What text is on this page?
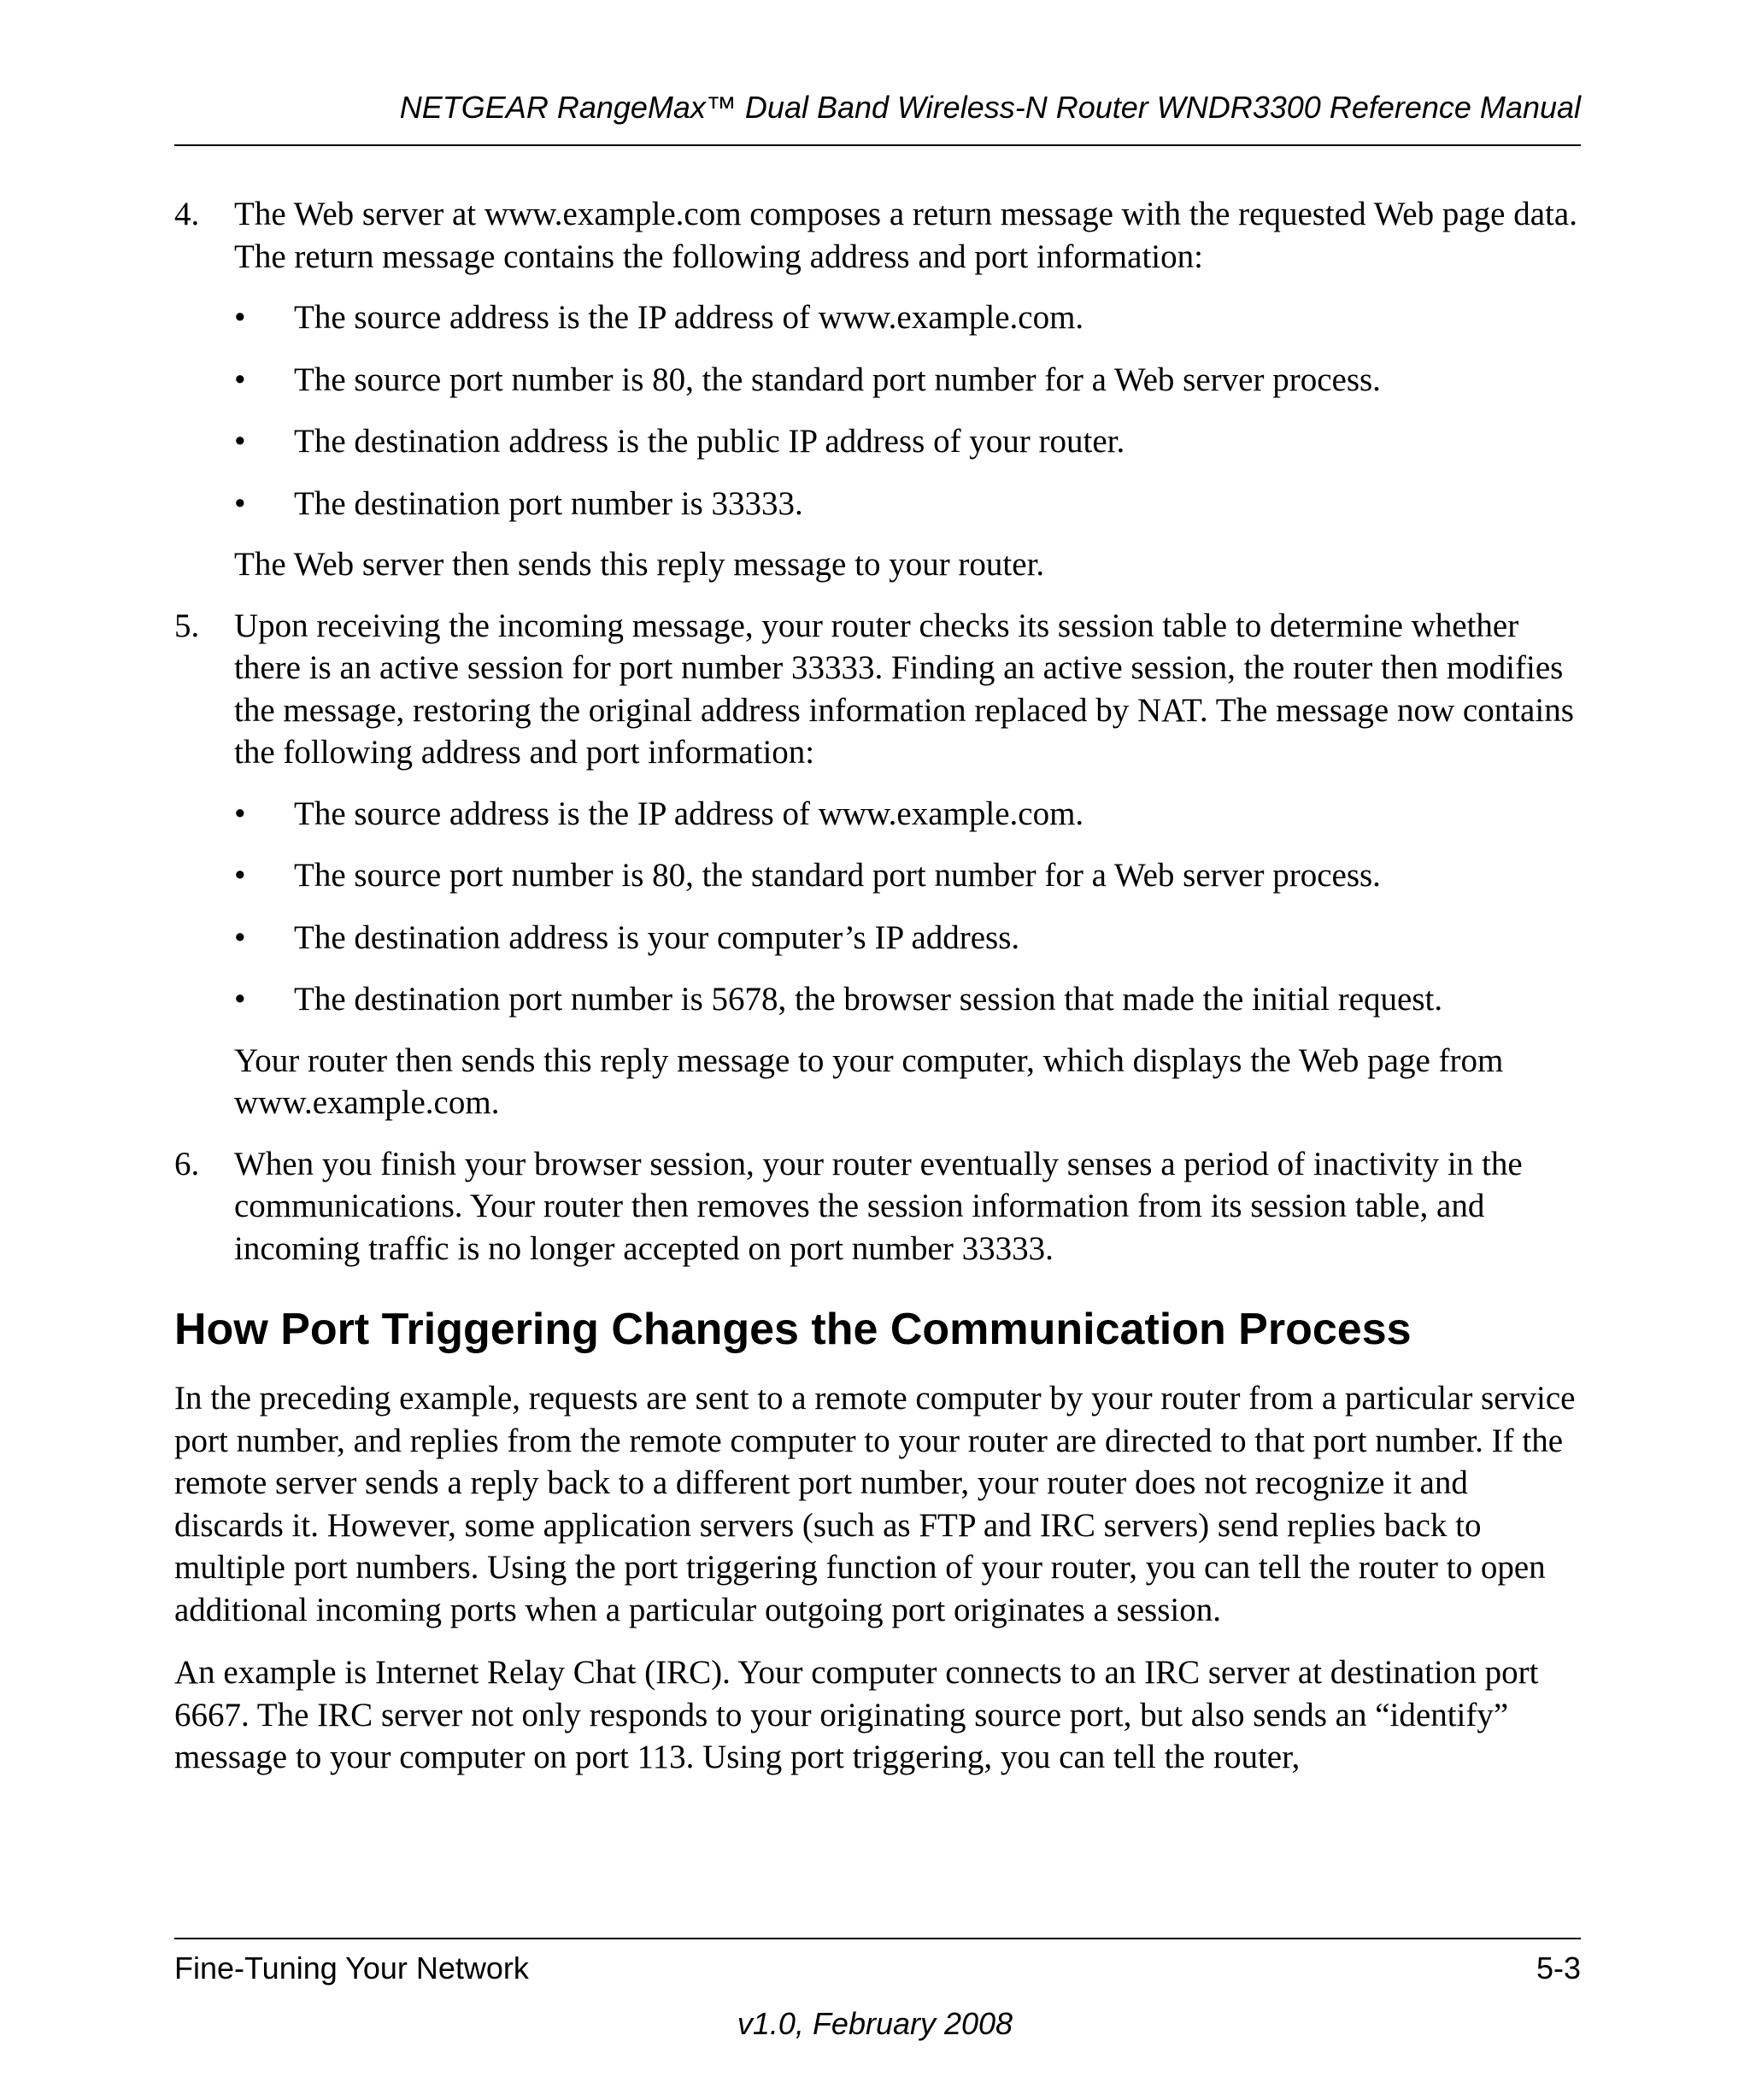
NETGEAR RangeMax™ Dual Band Wireless-N Router WNDR3300 Reference Manual
4. The Web server at www.example.com composes a return message with the requested Web page data. The return message contains the following address and port information:

• The source address is the IP address of www.example.com.
• The source port number is 80, the standard port number for a Web server process.
• The destination address is the public IP address of your router.
• The destination port number is 33333.

The Web server then sends this reply message to your router.

5. Upon receiving the incoming message, your router checks its session table to determine whether there is an active session for port number 33333. Finding an active session, the router then modifies the message, restoring the original address information replaced by NAT. The message now contains the following address and port information:

• The source address is the IP address of www.example.com.
• The source port number is 80, the standard port number for a Web server process.
• The destination address is your computer’s IP address.
• The destination port number is 5678, the browser session that made the initial request.

Your router then sends this reply message to your computer, which displays the Web page from www.example.com.

6. When you finish your browser session, your router eventually senses a period of inactivity in the communications. Your router then removes the session information from its session table, and incoming traffic is no longer accepted on port number 33333.

How Port Triggering Changes the Communication Process

In the preceding example, requests are sent to a remote computer by your router from a particular service port number, and replies from the remote computer to your router are directed to that port number. If the remote server sends a reply back to a different port number, your router does not recognize it and discards it. However, some application servers (such as FTP and IRC servers) send replies back to multiple port numbers. Using the port triggering function of your router, you can tell the router to open additional incoming ports when a particular outgoing port originates a session.

An example is Internet Relay Chat (IRC). Your computer connects to an IRC server at destination port 6667. The IRC server not only responds to your originating source port, but also sends an “identify” message to your computer on port 113. Using port triggering, you can tell the router,

Fine-Tuning Your Network	5-3
v1.0, February 2008
